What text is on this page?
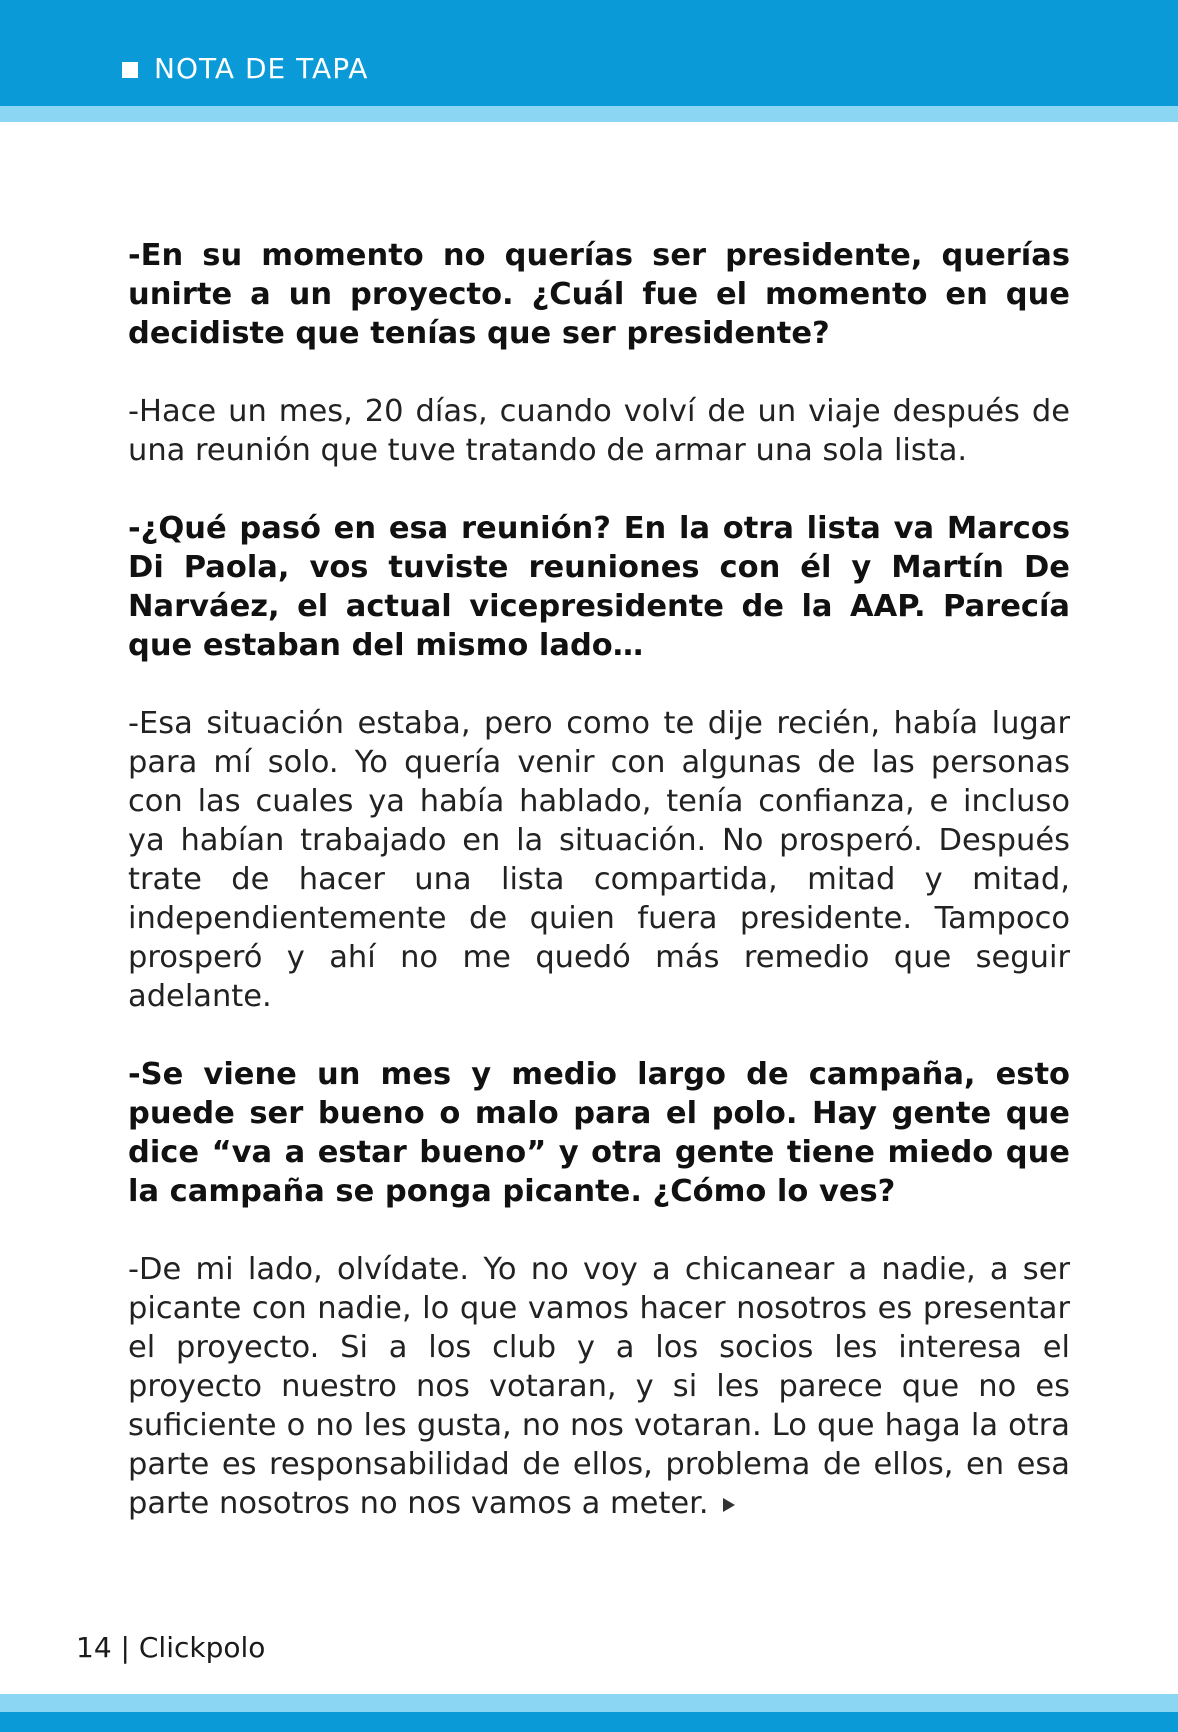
NOTA DE TAPA

-En su momento no querías ser presidente, querías unirte a un proyecto. ¿Cuál fue el momento en que decidiste que tenías que ser presidente?

-Hace un mes, 20 días, cuando volví de un viaje después de una reunión que tuve tratando de armar una sola lista.

-¿Qué pasó en esa reunión? En la otra lista va Marcos Di Paola, vos tuviste reuniones con él y Martín De Narváez, el actual vicepresidente de la AAP. Parecía que estaban del mismo lado…

-Esa situación estaba, pero como te dije recién, había lugar para mí solo. Yo quería venir con algunas de las personas con las cuales ya había hablado, tenía confianza, e incluso ya habían trabajado en la situación. No prosperó. Después trate de hacer una lista compartida, mitad y mitad, independientemente de quien fuera presidente. Tampoco prosperó y ahí no me quedó más remedio que seguir adelante.

-Se viene un mes y medio largo de campaña, esto puede ser bueno o malo para el polo. Hay gente que dice “va a estar bueno” y otra gente tiene miedo que la campaña se ponga picante. ¿Cómo lo ves?

-De mi lado, olvídate. Yo no voy a chicanear a nadie, a ser picante con nadie, lo que vamos hacer nosotros es presentar el proyecto. Si a los club y a los socios les interesa el proyecto nuestro nos votaran, y si les parece que no es suficiente o no les gusta, no nos votaran. Lo que haga la otra parte es responsabilidad de ellos, problema de ellos, en esa parte nosotros no nos vamos a meter.

14 | Clickpolo
